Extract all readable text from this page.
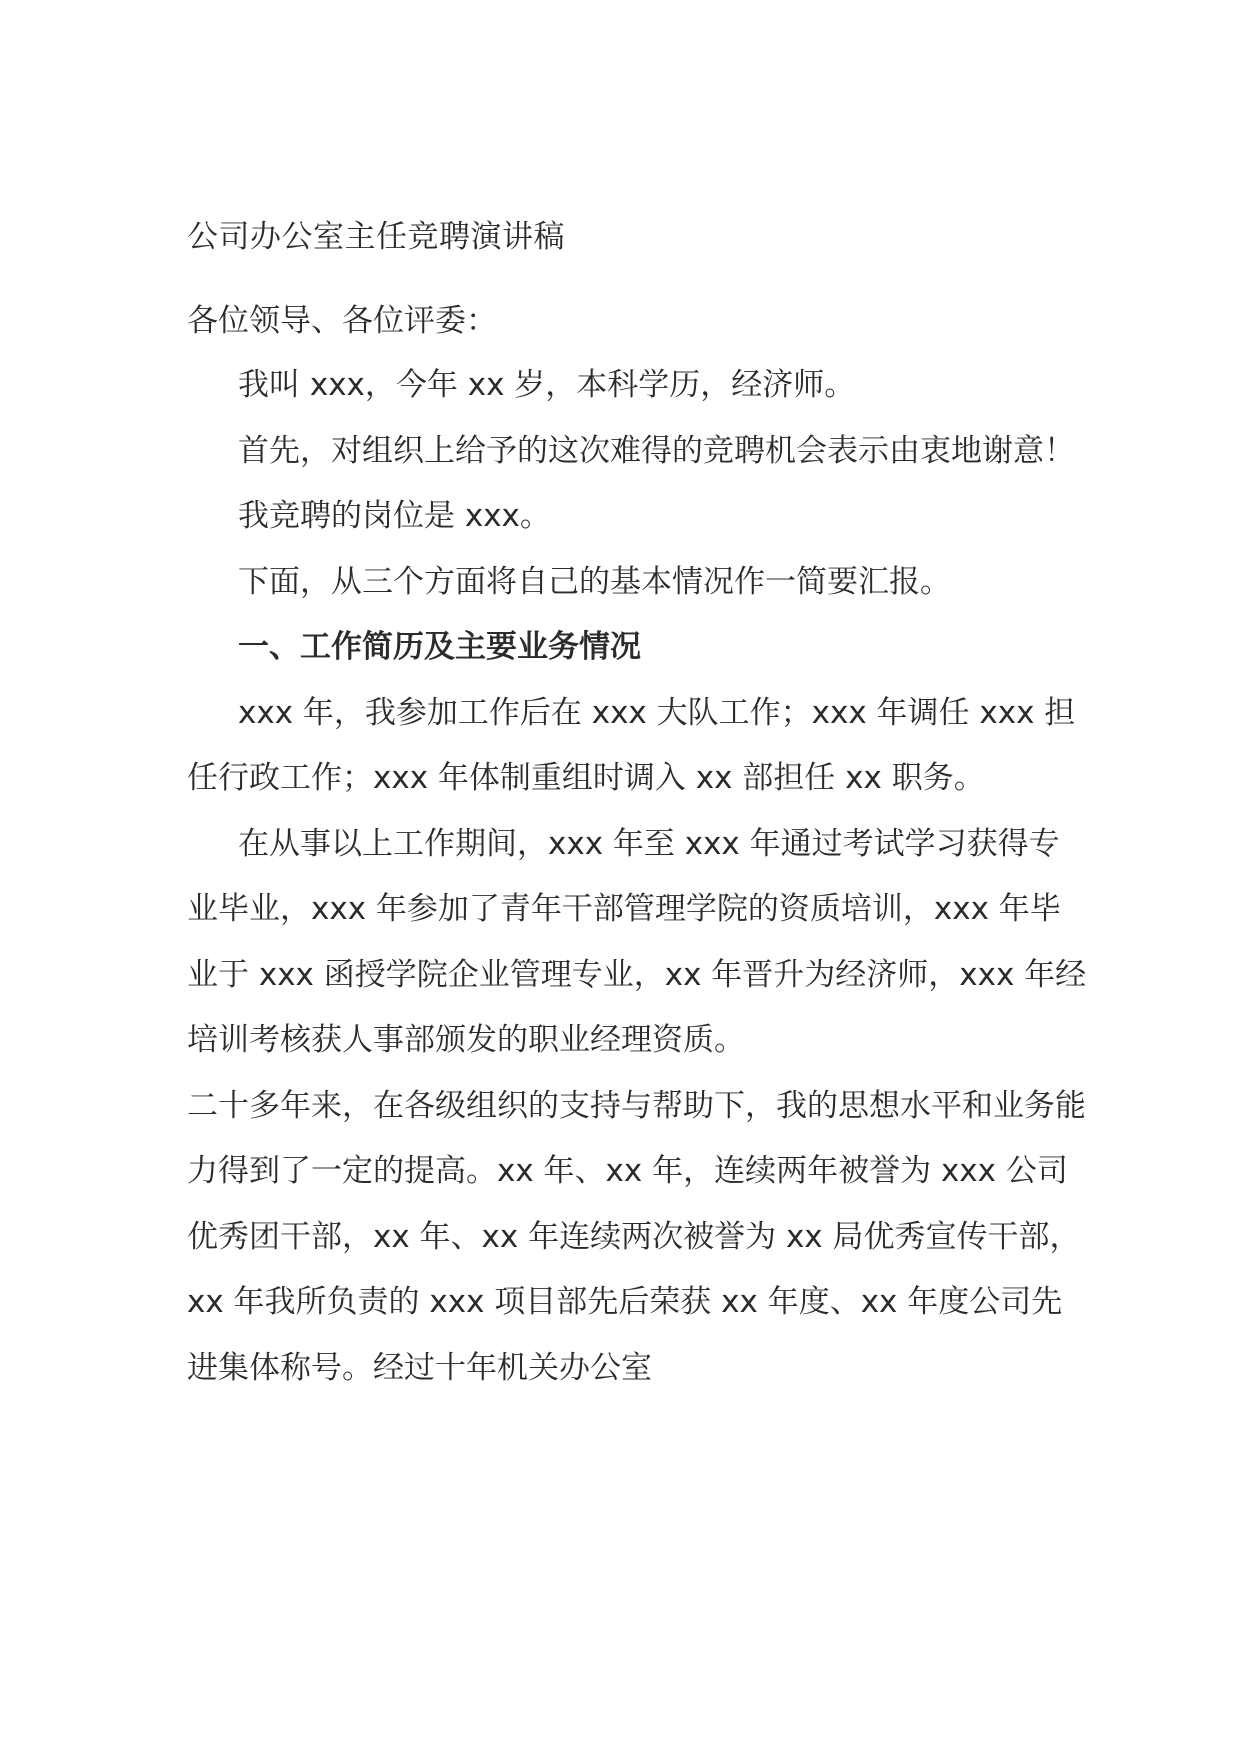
公司办公室主任竞聘演讲稿
各位领导、各位评委：

我叫 xxx，今年 xx 岁，本科学历，经济师。

首先，对组织上给予的这次难得的竞聘机会表示由衷地谢意！

我竞聘的岗位是 xxx。

下面，从三个方面将自己的基本情况作一简要汇报。

一、工作简历及主要业务情况

xxx 年，我参加工作后在 xxx 大队工作；xxx 年调任 xxx 担任行政工作；xxx 年体制重组时调入 xx 部担任 xx 职务。

在从事以上工作期间，xxx 年至 xxx 年通过考试学习获得专业毕业，xxx 年参加了青年干部管理学院的资质培训，xxx 年毕业于 xxx 函授学院企业管理专业，xx 年晋升为经济师，xxx 年经培训考核获人事部颁发的职业经理资质。

二十多年来，在各级组织的支持与帮助下，我的思想水平和业务能力得到了一定的提高。xx 年、xx 年，连续两年被誉为 xxx 公司优秀团干部，xx 年、xx 年连续两次被誉为 xx 局优秀宣传干部，xx 年我所负责的 xxx 项目部先后荣获 xx 年度、xx 年度公司先进集体称号。经过十年机关办公室
